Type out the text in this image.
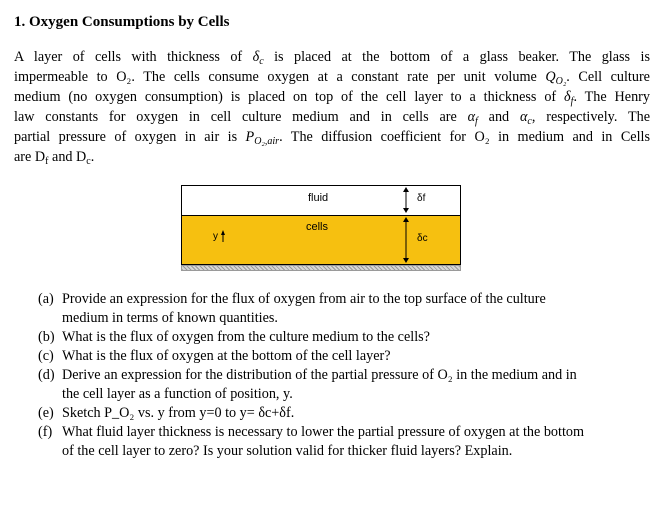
1. Oxygen Consumptions by Cells
A layer of cells with thickness of $\delta_c$ is placed at the bottom of a glass beaker. The glass is
impermeable to O₂. The cells consume oxygen at a constant rate per unit volume $Q_{O_2}$. Cell culture
medium (no oxygen consumption) is placed on top of the cell layer to a thickness of $\delta_f$. The Henry
law constants for oxygen in cell culture medium and in cells are $\alpha_f$ and $\alpha_c$, respectively. The
partial pressure of oxygen in air is $P_{O_2,air}$. The diffusion coefficient for O₂ in medium and in Cells
are $D_f$ and $D_c$.
fluid
cells
y
δf
δc
(a) Provide an expression for the flux of oxygen from air to the top surface of the culture
medium in terms of known quantities.
(b) What is the flux of oxygen from the culture medium to the cells?
(c) What is the flux of oxygen at the bottom of the cell layer?
(d) Derive an expression for the distribution of the partial pressure of O₂ in the medium and in
the cell layer as a function of position, y.
(e) Sketch P_O₂ vs. y from y=0 to y= δc+δf.
(f) What fluid layer thickness is necessary to lower the partial pressure of oxygen at the bottom
of the cell layer to zero? Is your solution valid for thicker fluid layers? Explain.
